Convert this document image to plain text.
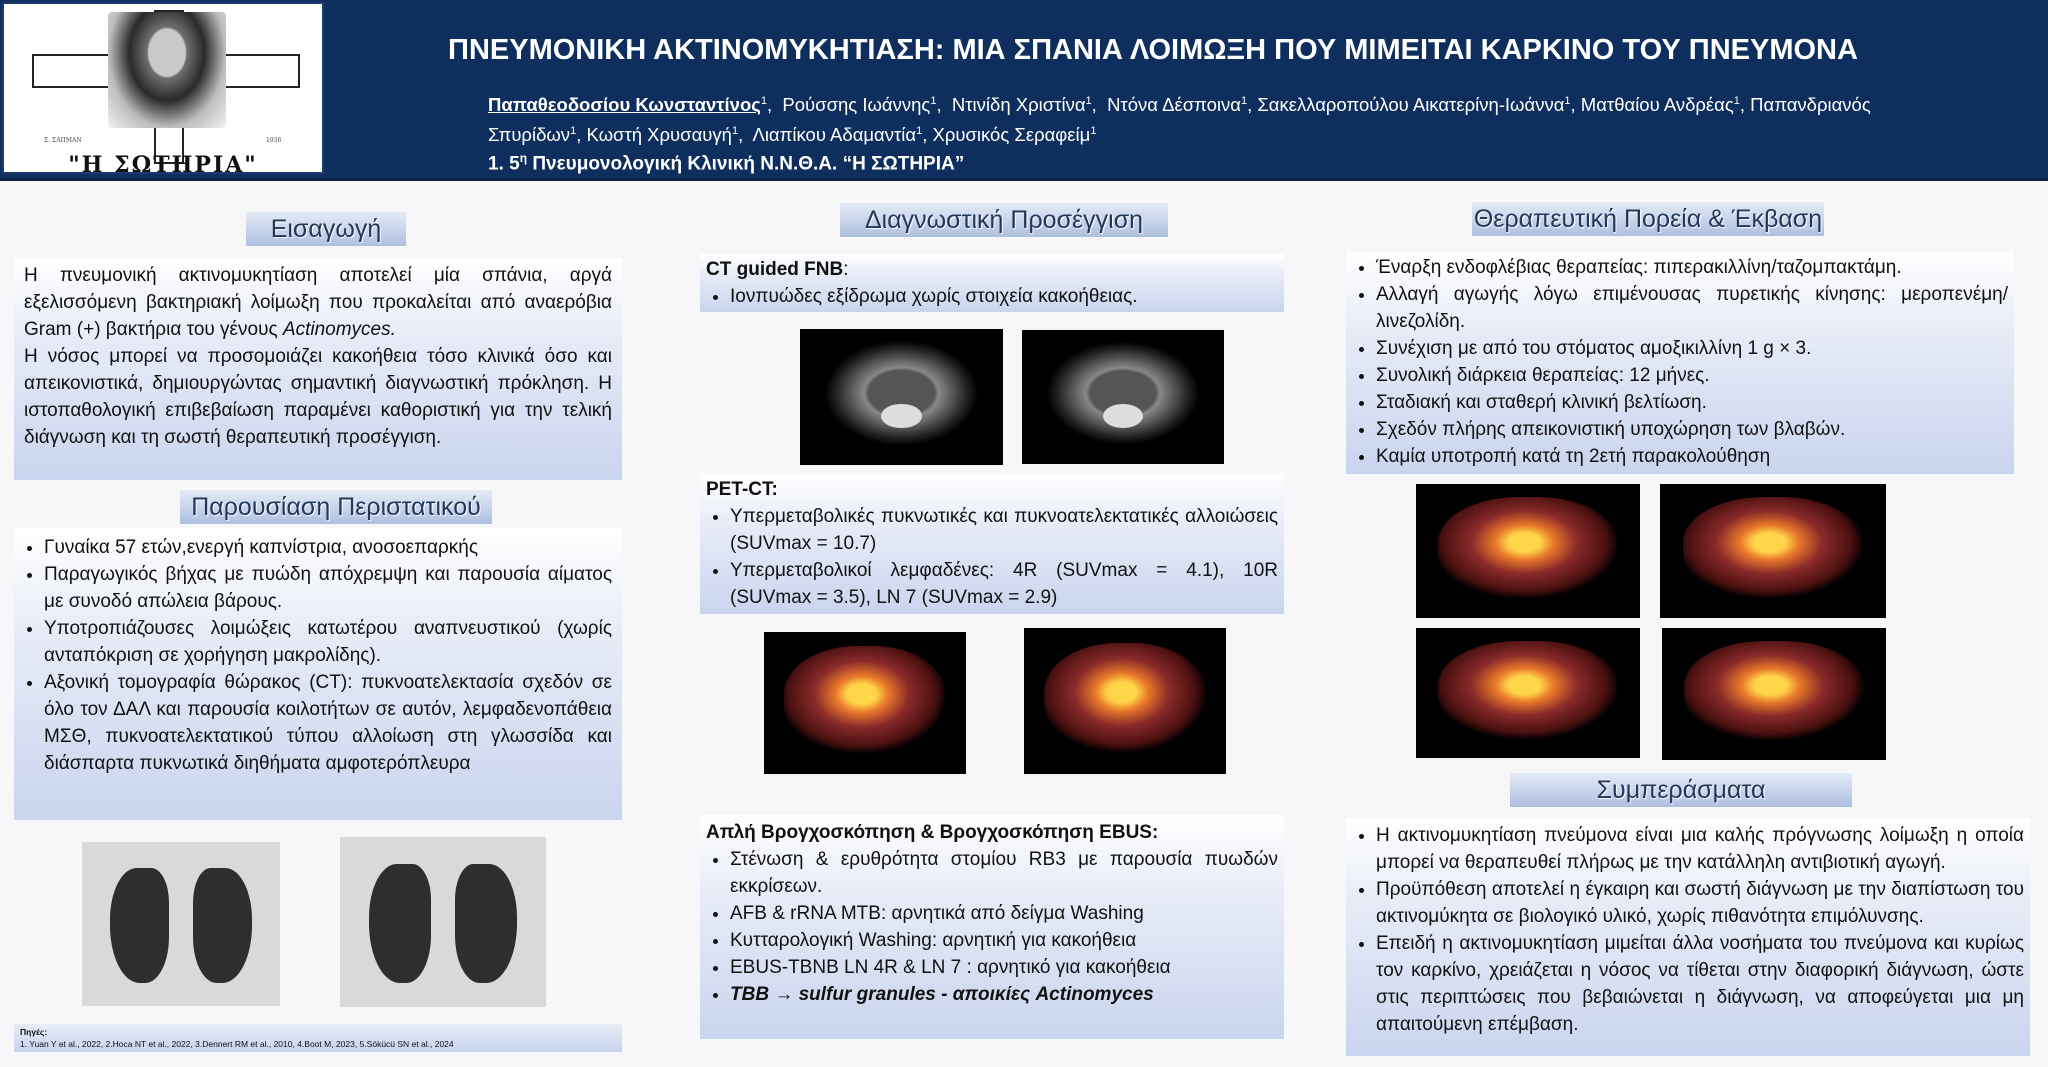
Σ. ΣΑΠΜΑΝ	1936
"Η ΣΩΤΗΡΙΑ"
ΠΝΕΥΜΟΝΙΚΗ ΑΚΤΙΝΟΜΥΚΗΤΙΑΣΗ: ΜΙΑ ΣΠΑΝΙΑ ΛΟΙΜΩΞΗ ΠΟΥ ΜΙΜΕΙΤΑΙ ΚΑΡΚΙΝΟ ΤΟΥ ΠΝΕΥΜΟΝΑ
Παπαθεοδοσίου Κωνσταντίνος$^1$,  Ρούσσης Ιωάννης$^1$,  Ντινίδη Χριστίνα$^1$,  Ντόνα Δέσποινα$^1$, Σακελλαροπούλου Αικατερίνη-Ιωάννα$^1$, Ματθαίου Ανδρέας$^1$, Παπανδριανός Σπυρίδων$^1$, Κωστή Χρυσαυγή$^1$,  Λιαπίκου Αδαμαντία$^1$, Χρυσικός Σεραφείμ$^1$
1. $5^\eta$ Πνευμονολογική Κλινική Ν.Ν.Θ.Α. “Η ΣΩΤΗΡΙΑ”
Εισαγωγή

Η πνευμονική ακτινομυκητίαση αποτελεί μία σπάνια, αργά εξελισσόμενη βακτηριακή λοίμωξη που προκαλείται από αναερόβια Gram (+) βακτήρια του γένους Actinomyces.

Η νόσος μπορεί να προσομοιάζει κακοήθεια τόσο κλινικά όσο και απεικονιστικά, δημιουργώντας σημαντική διαγνωστική πρόκληση. Η ιστοπαθολογική επιβεβαίωση παραμένει καθοριστική για την τελική διάγνωση και τη σωστή θεραπευτική προσέγγιση.

Παρουσίαση Περιστατικού
• Γυναίκα 57 ετών,ενεργή καπνίστρια, ανοσοεπαρκής
• Παραγωγικός βήχας με πυώδη απόχρεμψη και παρουσία αίματος με συνοδό απώλεια βάρους.
• Υποτροπιάζουσες λοιμώξεις κατωτέρου αναπνευστικού (χωρίς ανταπόκριση σε χορήγηση μακρολίδης).
• Αξονική τομογραφία θώρακος (CT): πυκνοατελεκτασία σχεδόν σε όλο τον ΔΑΛ και παρουσία κοιλοτήτων σε αυτόν, λεμφαδενοπάθεια ΜΣΘ, πυκνοατελεκτατικού τύπου αλλοίωση στη γλωσσίδα και διάσπαρτα πυκνωτικά διηθήματα αμφοτερόπλευρα
Πηγές:
1. Yuan Y et al., 2022, 2.Hoca NT et al., 2022, 3.Dennert RM et al., 2010, 4.Boot M, 2023, 5.Sökücü SN et al., 2024
Διαγνωστική Προσέγγιση
CT guided FNB:
• Ιονπυώδες εξίδρωμα χωρίς στοιχεία κακοήθειας.
PET-CT:
• Υπερμεταβολικές πυκνωτικές και πυκνοατελεκτατικές αλλοιώσεις (SUVmax = 10.7)
• Υπερμεταβολικοί λεμφαδένες: 4R (SUVmax = 4.1), 10R (SUVmax = 3.5), LN 7 (SUVmax = 2.9)
Απλή Βρογχοσκόπηση & Βρογχοσκόπηση EBUS:
• Στένωση & ερυθρότητα στομίου RB3 με παρουσία πυωδών εκκρίσεων.
• AFB & rRNA MTB: αρνητικά από δείγμα Washing
• Κυτταρολογική Washing: αρνητική για κακοήθεια
• EBUS-TBNB LN 4R & LN 7 : αρνητικό για κακοήθεια
• TBB → sulfur granules - αποικίες Actinomyces
Θεραπευτική Πορεία & Έκβαση
• Έναρξη ενδοφλέβιας θεραπείας: πιπερακιλλίνη/ταζομπακτάμη.
• Αλλαγή αγωγής λόγω επιμένουσας πυρετικής κίνησης: μεροπενέμη/λινεζολίδη.
• Συνέχιση με από του στόματος αμοξικιλλίνη 1 g × 3.
• Συνολική διάρκεια θεραπείας: 12 μήνες.
• Σταδιακή και σταθερή κλινική βελτίωση.
• Σχεδόν πλήρης απεικονιστική υποχώρηση των βλαβών.
• Καμία υποτροπή κατά τη 2ετή παρακολούθηση
Συμπεράσματα
• Η ακτινομυκητίαση πνεύμονα είναι μια καλής πρόγνωσης λοίμωξη η οποία μπορεί να θεραπευθεί πλήρως με την κατάλληλη αντιβιοτική αγωγή.
• Προϋπόθεση αποτελεί η έγκαιρη και σωστή διάγνωση με την διαπίστωση του ακτινομύκητα σε βιολογικό υλικό, χωρίς πιθανότητα επιμόλυνσης.
• Επειδή η ακτινομυκητίαση μιμείται άλλα νοσήματα του πνεύμονα και κυρίως τον καρκίνο, χρειάζεται η νόσος να τίθεται στην διαφορική διάγνωση, ώστε στις περιπτώσεις που βεβαιώνεται η διάγνωση, να αποφεύγεται μια μη απαιτούμενη επέμβαση.
